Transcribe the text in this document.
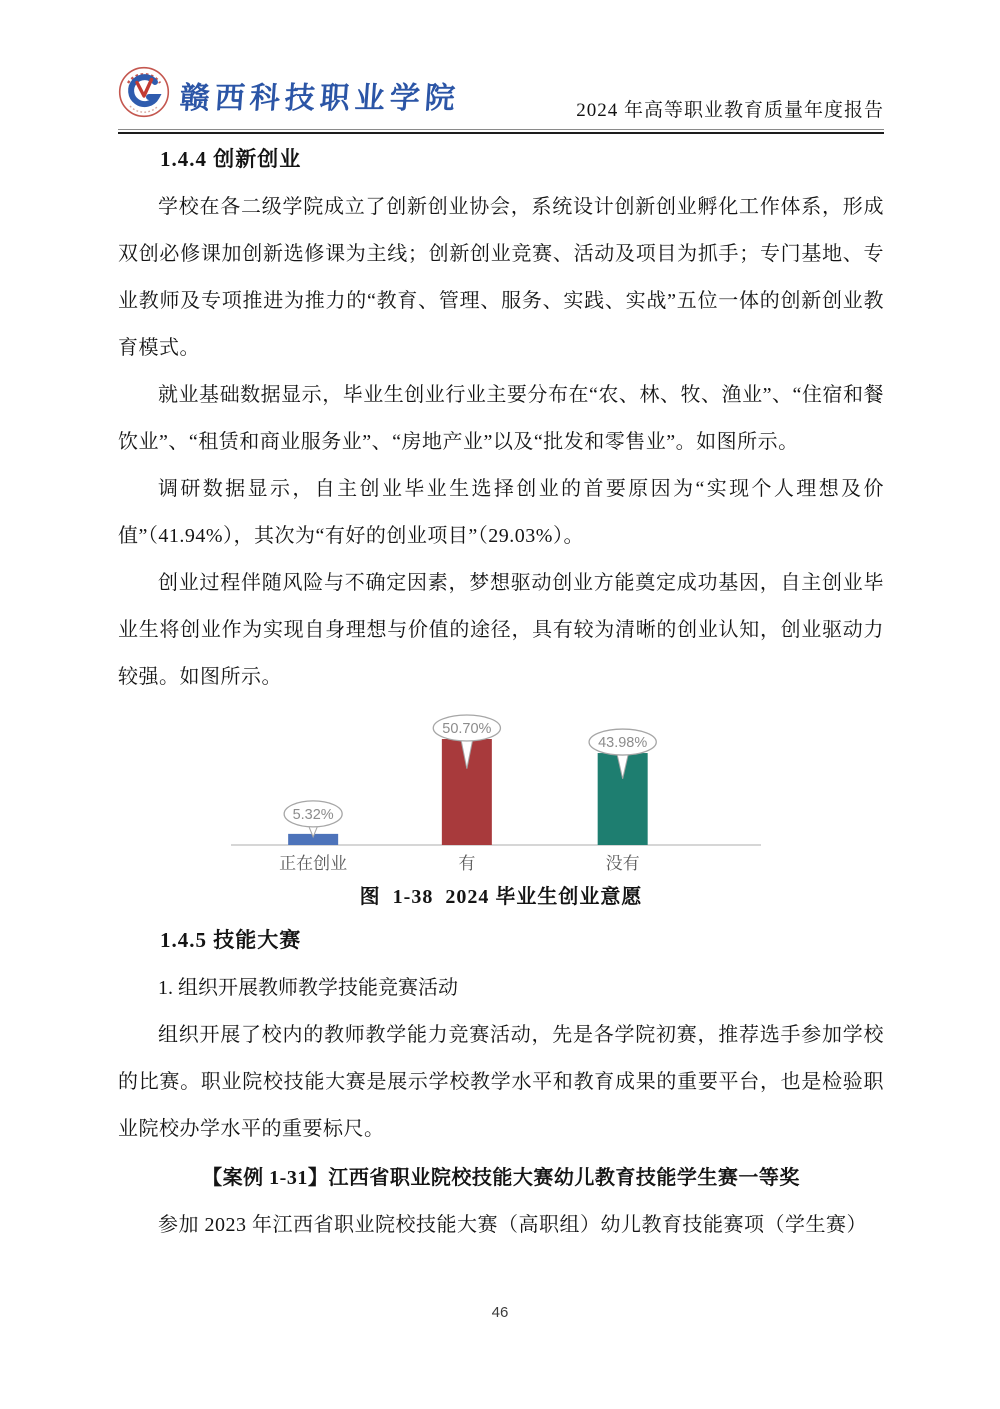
赣西科技职业学院	2024 年高等职业教育质量年度报告
1.4.4 创新创业

学校在各二级学院成立了创新创业协会，系统设计创新创业孵化工作体系，形成双创必修课加创新选修课为主线；创新创业竞赛、活动及项目为抓手；专门基地、专业教师及专项推进为推力的“教育、管理、服务、实践、实战”五位一体的创新创业教育模式。

就业基础数据显示，毕业生创业行业主要分布在“农、林、牧、渔业”、“住宿和餐饮业”、“租赁和商业服务业”、“房地产业”以及“批发和零售业”。如图所示。

调研数据显示，自主创业毕业生选择创业的首要原因为“实现个人理想及价值”（41.94%），其次为“有好的创业项目”（29.03%）。

创业过程伴随风险与不确定因素，梦想驱动创业方能奠定成功基因，自主创业毕业生将创业作为实现自身理想与价值的途径，具有较为清晰的创业认知，创业驱动力较强。如图所示。

正在创业
5.32%
有
50.70%
没有
43.98%
图  1-38  2024 毕业生创业意愿
1.4.5 技能大赛

1. 组织开展教师教学技能竞赛活动

组织开展了校内的教师教学能力竞赛活动，先是各学院初赛，推荐选手参加学校的比赛。职业院校技能大赛是展示学校教学水平和教育成果的重要平台，也是检验职业院校办学水平的重要标尺。

【案例 1-31】江西省职业院校技能大赛幼儿教育技能学生赛一等奖

参加 2023 年江西省职业院校技能大赛（高职组）幼儿教育技能赛项（学生赛）

46
